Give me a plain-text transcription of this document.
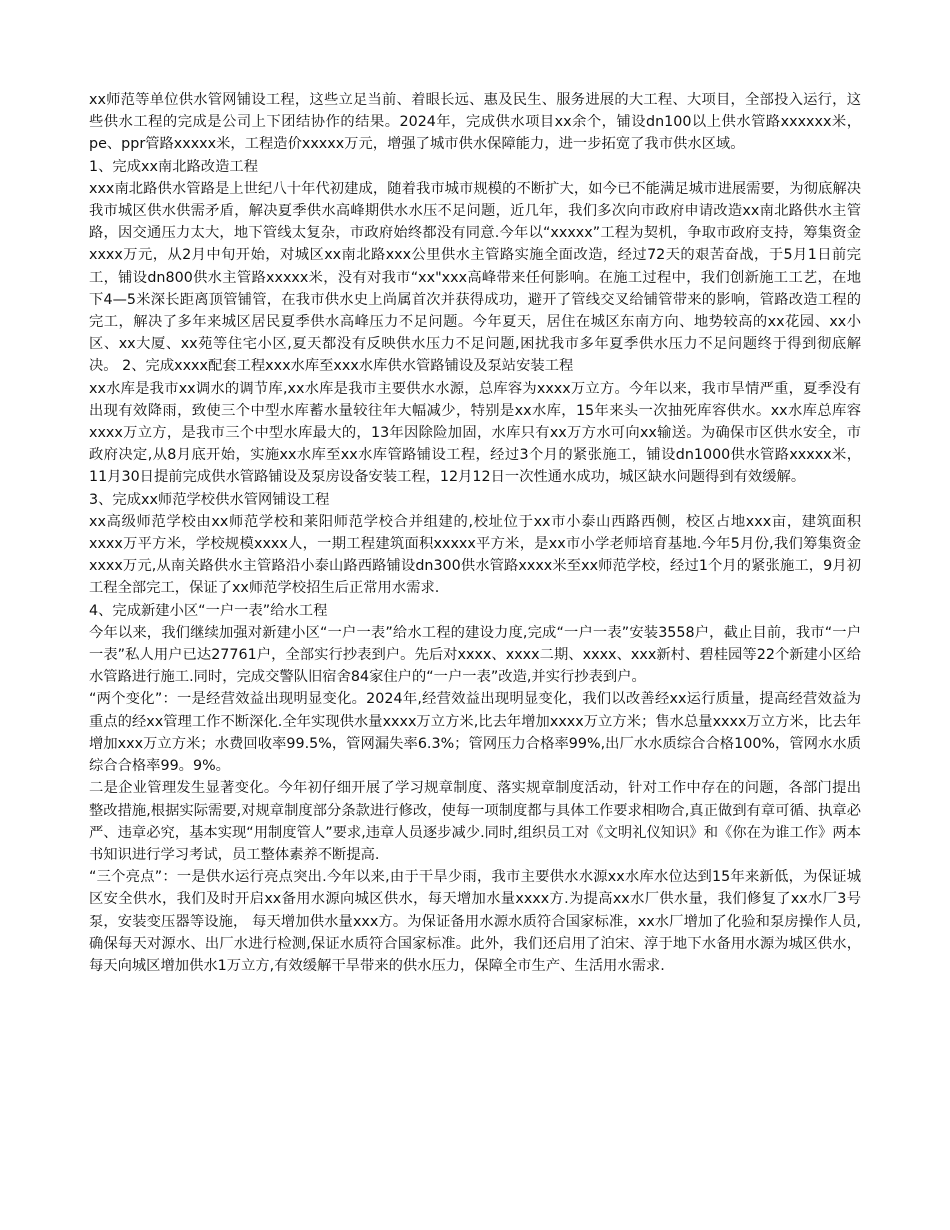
xx师范等单位供水管网铺设工程，这些立足当前、着眼长远、惠及民生、服务进展的大工程、大项目，全部投入运行，这些供水工程的完成是公司上下团结协作的结果。2024年，完成供水项目xx余个，铺设dn100以上供水管路xxxxxx米，pe、ppr管路xxxxx米，工程造价xxxxx万元，增强了城市供水保障能力，进一步拓宽了我市供水区域。

1、完成xx南北路改造工程

xxx南北路供水管路是上世纪八十年代初建成，随着我市城市规模的不断扩大，如今已不能满足城市进展需要，为彻底解决我市城区供水供需矛盾，解决夏季供水高峰期供水水压不足问题，近几年，我们多次向市政府申请改造xx南北路供水主管路，因交通压力太大，地下管线太复杂，市政府始终都没有同意.今年以“xxxxx”工程为契机，争取市政府支持，筹集资金xxxx万元，从2月中旬开始，对城区xx南北路xxx公里供水主管路实施全面改造，经过72天的艰苦奋战，于5月1日前完工，铺设dn800供水主管路xxxxx米，没有对我市“xx"xxx高峰带来任何影响。在施工过程中，我们创新施工工艺，在地下4—5米深长距离顶管铺管，在我市供水史上尚属首次并获得成功，避开了管线交叉给铺管带来的影响，管路改造工程的完工，解决了多年来城区居民夏季供水高峰压力不足问题。今年夏天，居住在城区东南方向、地势较高的xx花园、xx小区、xx大厦、xx苑等住宅小区,夏天都没有反映供水压力不足问题,困扰我市多年夏季供水压力不足问题终于得到彻底解决。 2、完成xxxx配套工程xxx水库至xxx水库供水管路铺设及泵站安装工程

xx水库是我市xx调水的调节库,xx水库是我市主要供水水源，总库容为xxxx万立方。今年以来，我市旱情严重，夏季没有出现有效降雨，致使三个中型水库蓄水量较往年大幅减少，特别是xx水库，15年来头一次抽死库容供水。xx水库总库容xxxx万立方，是我市三个中型水库最大的，13年因除险加固，水库只有xx万方水可向xx输送。为确保市区供水安全，市政府决定,从8月底开始，实施xx水库至xx水库管路铺设工程，经过3个月的紧张施工，铺设dn1000供水管路xxxxx米，11月30日提前完成供水管路铺设及泵房设备安装工程，12月12日一次性通水成功，城区缺水问题得到有效缓解。

3、完成xx师范学校供水管网铺设工程

xx高级师范学校由xx师范学校和莱阳师范学校合并组建的,校址位于xx市小泰山西路西侧，校区占地xxx亩，建筑面积xxxx万平方米，学校规模xxxx人，一期工程建筑面积xxxxx平方米，是xx市小学老师培育基地.今年5月份,我们筹集资金xxxx万元,从南关路供水主管路沿小泰山路西路铺设dn300供水管路xxxx米至xx师范学校，经过1个月的紧张施工，9月初工程全部完工，保证了xx师范学校招生后正常用水需求.

4、完成新建小区“一户一表”给水工程

今年以来，我们继续加强对新建小区“一户一表”给水工程的建设力度,完成“一户一表”安装3558户，截止目前，我市“一户一表”私人用户已达27761户，全部实行抄表到户。先后对xxxx、xxxx二期、xxxx、xxx新村、碧桂园等22个新建小区给水管路进行施工.同时，完成交警队旧宿舍84家住户的“一户一表”改造,并实行抄表到户。

“两个变化”：一是经营效益出现明显变化。2024年,经营效益出现明显变化，我们以改善经xx运行质量，提高经营效益为重点的经xx管理工作不断深化.全年实现供水量xxxx万立方米,比去年增加xxxx万立方米；售水总量xxxx万立方米，比去年增加xxx万立方米；水费回收率99.5%，管网漏失率6.3%；管网压力合格率99%,出厂水水质综合合格100%，管网水水质综合合格率99。9%。

二是企业管理发生显著变化。今年初仔细开展了学习规章制度、落实规章制度活动，针对工作中存在的问题，各部门提出整改措施,根据实际需要,对规章制度部分条款进行修改，使每一项制度都与具体工作要求相吻合,真正做到有章可循、执章必严、违章必究，基本实现“用制度管人”要求,违章人员逐步减少.同时,组织员工对《文明礼仪知识》和《你在为谁工作》两本书知识进行学习考试，员工整体素养不断提高.

“三个亮点”：一是供水运行亮点突出.今年以来,由于干旱少雨，我市主要供水水源xx水库水位达到15年来新低，为保证城区安全供水，我们及时开启xx备用水源向城区供水，每天增加水量xxxx方.为提高xx水厂供水量，我们修复了xx水厂3号泵，安装变压器等设施， 每天增加供水量xxx方。为保证备用水源水质符合国家标准，xx水厂增加了化验和泵房操作人员,确保每天对源水、出厂水进行检测,保证水质符合国家标准。此外，我们还启用了泊宋、淳于地下水备用水源为城区供水，每天向城区增加供水1万立方,有效缓解干旱带来的供水压力，保障全市生产、生活用水需求.
